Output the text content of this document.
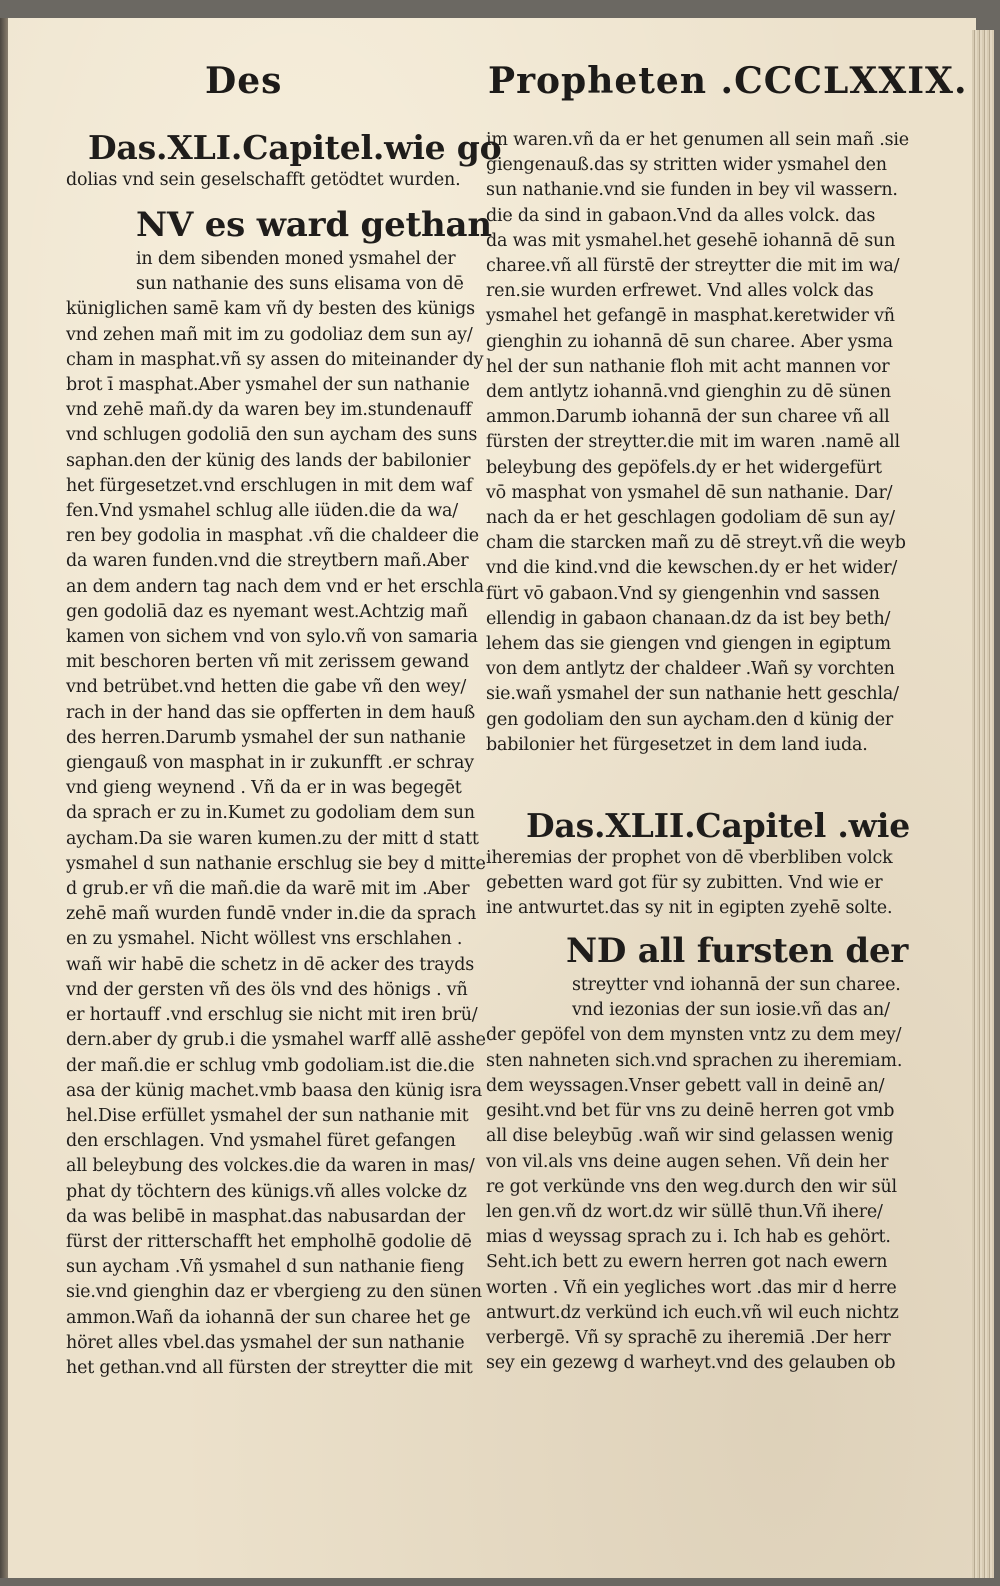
Des	Propheten .CCCLXXIX.

Das.XLI.Capitel.wie go

dolias vnd sein geselschafft getödtet wurden.

NV es ward gethan

in dem sibenden moned ysmahel der

sun nathanie des suns elisama von dē

küniglichen samē kam vñ dy besten des künigs

vnd zehen mañ mit im zu godoliaz dem sun ay/

cham in masphat.vñ sy assen do miteinander dy

brot ī masphat.Aber ysmahel der sun nathanie

vnd zehē mañ.dy da waren bey im.stundenauff

vnd schlugen godoliā den sun aycham des suns

saphan.den der künig des lands der babilonier

het fürgesetzet.vnd erschlugen in mit dem waf

fen.Vnd ysmahel schlug alle iüden.die da wa/

ren bey godolia in masphat .vñ die chaldeer die

da waren funden.vnd die streytbern mañ.Aber

an dem andern tag nach dem vnd er het erschla

gen godoliā daz es nyemant west.Achtzig mañ

kamen von sichem vnd von sylo.vñ von samaria

mit beschoren berten vñ mit zerissem gewand

vnd betrübet.vnd hetten die gabe vñ den wey/

rach in der hand das sie opfferten in dem hauß

des herren.Darumb ysmahel der sun nathanie

giengauß von masphat in ir zukunfft .er schray

vnd gieng weynend . Vñ da er in was begegēt

da sprach er zu in.Kumet zu godoliam dem sun

aycham.Da sie waren kumen.zu der mitt d statt

ysmahel d sun nathanie erschlug sie bey d mitte

d grub.er vñ die mañ.die da warē mit im .Aber

zehē mañ wurden fundē vnder in.die da sprach

en zu ysmahel. Nicht wöllest vns erschlahen .

wañ wir habē die schetz in dē acker des trayds

vnd der gersten vñ des öls vnd des hönigs . vñ

er hortauff .vnd erschlug sie nicht mit iren brü/

dern.aber dy grub.i die ysmahel warff allē asshe

der mañ.die er schlug vmb godoliam.ist die.die

asa der künig machet.vmb baasa den künig isra

hel.Dise erfüllet ysmahel der sun nathanie mit

den erschlagen. Vnd ysmahel füret gefangen

all beleybung des volckes.die da waren in mas/

phat dy töchtern des künigs.vñ alles volcke dz

da was belibē in masphat.das nabusardan der

fürst der ritterschafft het empholhē godolie dē

sun aycham .Vñ ysmahel d sun nathanie fieng

sie.vnd gienghin daz er vbergieng zu den sünen

ammon.Wañ da iohannā der sun charee het ge

höret alles vbel.das ysmahel der sun nathanie

het gethan.vnd all fürsten der streytter die mit

im waren.vñ da er het genumen all sein mañ .sie

giengenauß.das sy stritten wider ysmahel den

sun nathanie.vnd sie funden in bey vil wassern.

die da sind in gabaon.Vnd da alles volck. das

da was mit ysmahel.het gesehē iohannā dē sun

charee.vñ all fürstē der streytter die mit im wa/

ren.sie wurden erfrewet. Vnd alles volck das

ysmahel het gefangē in masphat.keretwider vñ

gienghin zu iohannā dē sun charee. Aber ysma

hel der sun nathanie floh mit acht mannen vor

dem antlytz iohannā.vnd gienghin zu dē sünen

ammon.Darumb iohannā der sun charee vñ all

fürsten der streytter.die mit im waren .namē all

beleybung des gepöfels.dy er het widergefürt

vō masphat von ysmahel dē sun nathanie. Dar/

nach da er het geschlagen godoliam dē sun ay/

cham die starcken mañ zu dē streyt.vñ die weyb

vnd die kind.vnd die kewschen.dy er het wider/

fürt vō gabaon.Vnd sy giengenhin vnd sassen

ellendig in gabaon chanaan.dz da ist bey beth/

lehem das sie giengen vnd giengen in egiptum

von dem antlytz der chaldeer .Wañ sy vorchten

sie.wañ ysmahel der sun nathanie hett geschla/

gen godoliam den sun aycham.den d künig der

babilonier het fürgesetzet in dem land iuda.

Das.XLII.Capitel .wie

iheremias der prophet von dē vberbliben volck

gebetten ward got für sy zubitten. Vnd wie er

ine antwurtet.das sy nit in egipten zyehē solte.

ND all fursten der

streytter vnd iohannā der sun charee.

vnd iezonias der sun iosie.vñ das an/

der gepöfel von dem mynsten vntz zu dem mey/

sten nahneten sich.vnd sprachen zu iheremiam.

dem weyssagen.Vnser gebett vall in deinē an/

gesiht.vnd bet für vns zu deinē herren got vmb

all dise beleybūg .wañ wir sind gelassen wenig

von vil.als vns deine augen sehen. Vñ dein her

re got verkünde vns den weg.durch den wir sül

len gen.vñ dz wort.dz wir süllē thun.Vñ ihere/

mias d weyssag sprach zu i. Ich hab es gehört.

Seht.ich bett zu ewern herren got nach ewern

worten . Vñ ein yegliches wort .das mir d herre

antwurt.dz verkünd ich euch.vñ wil euch nichtz

verbergē. Vñ sy sprachē zu iheremiā .Der herr

sey ein gezewg d warheyt.vnd des gelauben ob
